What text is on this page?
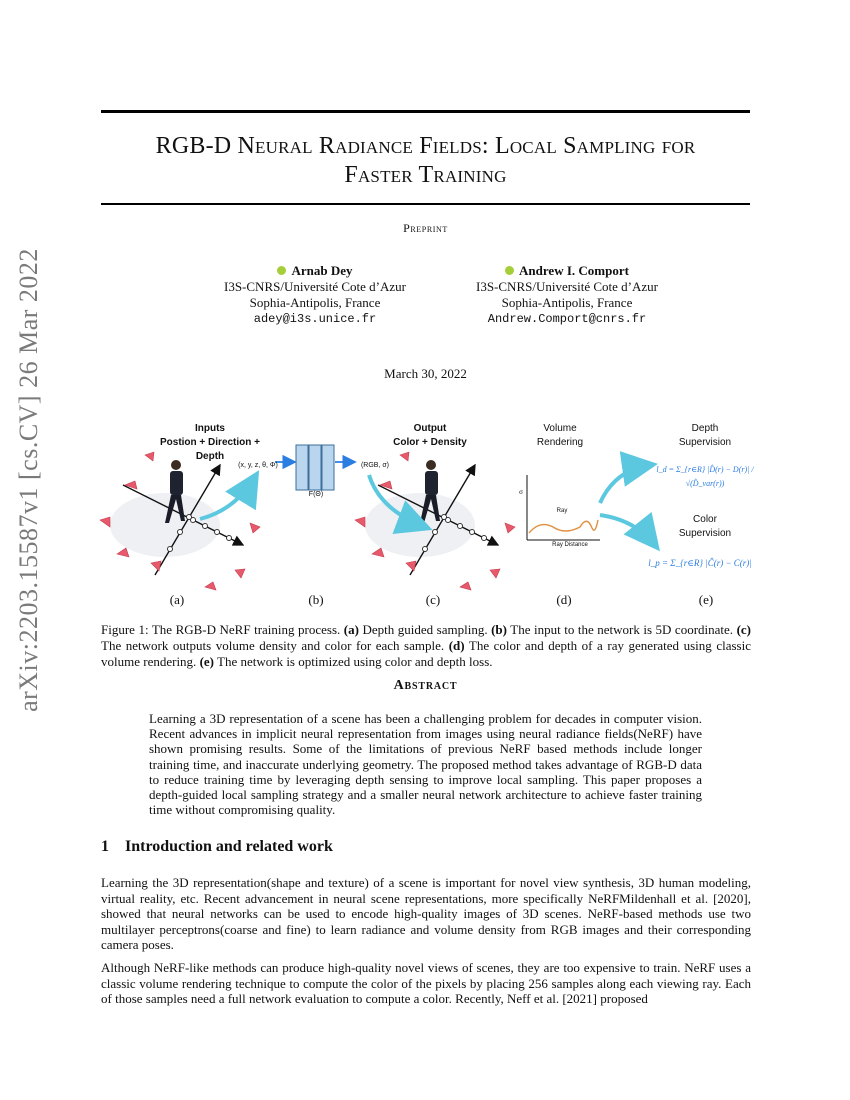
RGB-D Neural Radiance Fields: Local Sampling for
Faster Training
Preprint
Arnab Dey
I3S-CNRS/Université Cote d’Azur
Sophia-Antipolis, France
adey@i3s.unice.fr
Andrew I. Comport
I3S-CNRS/Université Cote d’Azur
Sophia-Antipolis, France
Andrew.Comport@cnrs.fr
March 30, 2022
arXiv:2203.15587v1 [cs.CV] 26 Mar 2022	Inputs
Postion + Direction + Depth
(x, y, z, θ, Φ)
F(Θ)
Output
Color + Density
(RGB, σ)
Volume
Rendering
σ
Ray
Ray Distance
Depth
Supervision
l_d = Σ_{r∈R} |D̂(r) − D(r)| / √(D̂_var(r))
Color
Supervision
l_p = Σ_{r∈R} |Ĉ(r) − C(r)|
(a)	(b)	(c)	(d)	(e)
Figure 1: The RGB-D NeRF training process. (a) Depth guided sampling. (b) The input to the network is 5D coordinate. (c) The network outputs volume density and color for each sample. (d) The color and depth of a ray generated using classic volume rendering. (e) The network is optimized using color and depth loss.
Abstract
Learning a 3D representation of a scene has been a challenging problem for decades in computer vision. Recent advances in implicit neural representation from images using neural radiance fields(NeRF) have shown promising results. Some of the limitations of previous NeRF based methods include longer training time, and inaccurate underlying geometry. The proposed method takes advantage of RGB-D data to reduce training time by leveraging depth sensing to improve local sampling. This paper proposes a depth-guided local sampling strategy and a smaller neural network architecture to achieve faster training time without compromising quality.
1 Introduction and related work
Learning the 3D representation(shape and texture) of a scene is important for novel view synthesis, 3D human modeling, virtual reality, etc. Recent advancement in neural scene representations, more specifically NeRFMildenhall et al. [2020], showed that neural networks can be used to encode high-quality images of 3D scenes. NeRF-based methods use two multilayer perceptrons(coarse and fine) to learn radiance and volume density from RGB images and their corresponding camera poses.
Although NeRF-like methods can produce high-quality novel views of scenes, they are too expensive to train. NeRF uses a classic volume rendering technique to compute the color of the pixels by placing 256 samples along each viewing ray. Each of those samples need a full network evaluation to compute a color. Recently, Neff et al. [2021] proposed
